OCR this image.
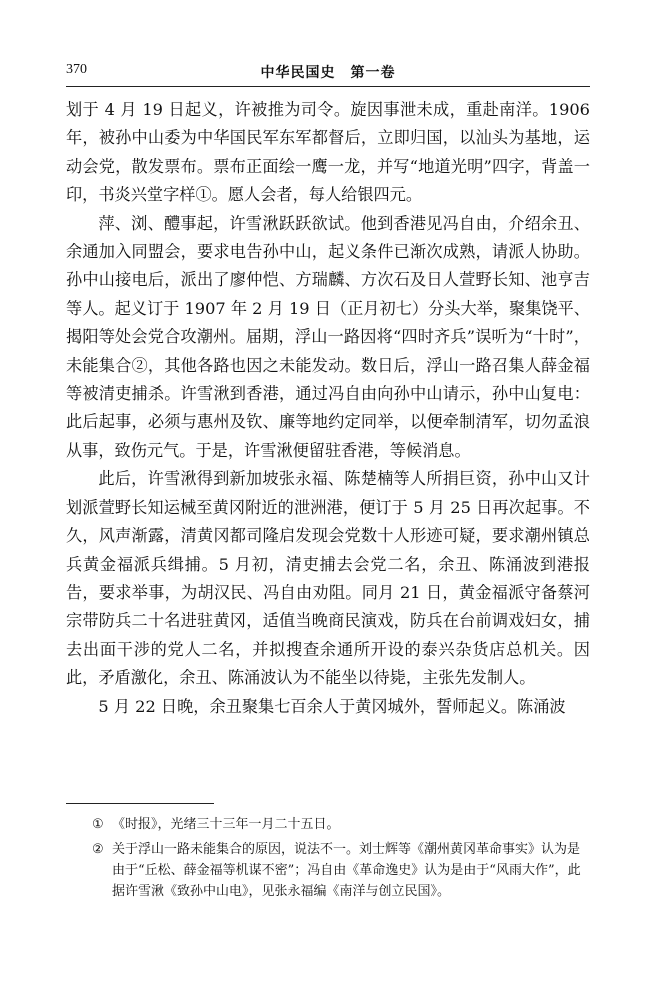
370	中华民国史　第一卷

划于 4 月 19 日起义，许被推为司令。旋因事泄未成，重赴南洋。1906 年，被孙中山委为中华国民军东军都督后，立即归国，以汕头为基地，运动会党，散发票布。票布正面绘一鹰一龙，并写“地道光明”四字，背盖一印，书炎兴堂字样①。愿人会者，每人给银四元。

萍、浏、醴事起，许雪湫跃跃欲试。他到香港见冯自由，介绍余丑、余通加入同盟会，要求电告孙中山，起义条件已渐次成熟，请派人协助。孙中山接电后，派出了廖仲恺、方瑞麟、方次石及日人萱野长知、池亨吉等人。起义订于 1907 年 2 月 19 日（正月初七）分头大举，聚集饶平、揭阳等处会党合攻潮州。届期，浮山一路因将“四时齐兵”误听为“十时”，未能集合②，其他各路也因之未能发动。数日后，浮山一路召集人薛金福等被清吏捕杀。许雪湫到香港，通过冯自由向孙中山请示，孙中山复电：此后起事，必须与惠州及钦、廉等地约定同举，以便牵制清军，切勿孟浪从事，致伤元气。于是，许雪湫便留驻香港，等候消息。

此后，许雪湫得到新加坡张永福、陈楚楠等人所捐巨资，孙中山又计划派萱野长知运械至黄冈附近的泄洲港，便订于 5 月 25 日再次起事。不久，风声渐露，清黄冈都司隆启发现会党数十人形迹可疑，要求潮州镇总兵黄金福派兵缉捕。5 月初，清吏捕去会党二名，余丑、陈涌波到港报告，要求举事，为胡汉民、冯自由劝阻。同月 21 日，黄金福派守备蔡河宗带防兵二十名进驻黄冈，适值当晚商民演戏，防兵在台前调戏妇女，捕去出面干涉的党人二名，并拟搜查余通所开设的泰兴杂货店总机关。因此，矛盾激化，余丑、陈涌波认为不能坐以待毙，主张先发制人。

5 月 22 日晚，余丑聚集七百余人于黄冈城外，誓师起义。陈涌波

① 《时报》，光绪三十三年一月二十五日。

② 关于浮山一路未能集合的原因，说法不一。刘士辉等《潮州黄冈革命事实》认为是由于“丘松、薛金福等机谋不密”；冯自由《革命逸史》认为是由于“风雨大作”，此据许雪湫《致孙中山电》，见张永福编《南洋与创立民国》。
